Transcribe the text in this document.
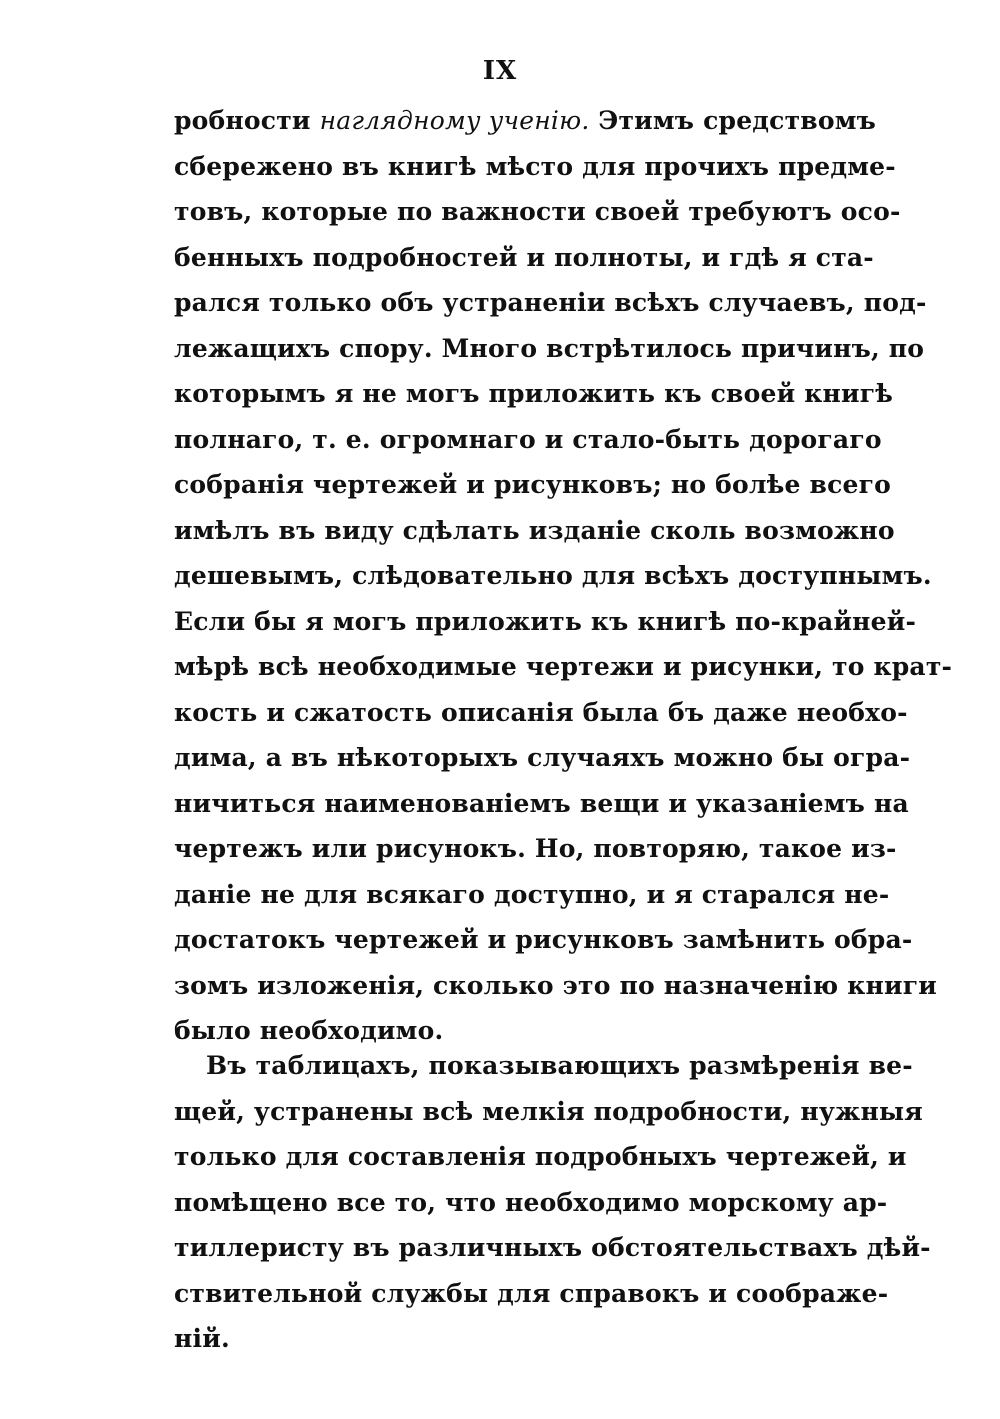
IX
робности наглядному ученію. Этимъ средствомъ
сбережено въ книгѣ мѣсто для прочихъ предме-
товъ, которые по важности своей требуютъ осо-
бенныхъ подробностей и полноты, и гдѣ я ста-
рался только объ устраненіи всѣхъ случаевъ, под-
лежащихъ спору. Много встрѣтилось причинъ, по
которымъ я не могъ приложить къ своей книгѣ
полнаго, т. е. огромнаго и стало-быть дорогаго
собранія чертежей и рисунковъ; но болѣе всего
имѣлъ въ виду сдѣлать изданіе сколь возможно
дешевымъ, слѣдовательно для всѣхъ доступнымъ.
Если бы я могъ приложить къ книгѣ по-крайней-
мѣрѣ всѣ необходимые чертежи и рисунки, то крат-
кость и сжатость описанія была бъ даже необхо-
дима, а въ нѣкоторыхъ случаяхъ можно бы огра-
ничиться наименованіемъ вещи и указаніемъ на
чертежъ или рисунокъ. Но, повторяю, такое из-
даніе не для всякаго доступно, и я старался не-
достатокъ чертежей и рисунковъ замѣнить обра-
зомъ изложенія, сколько это по назначенію книги
было необходимо.
Въ таблицахъ, показывающихъ размѣренія ве-
щей, устранены всѣ мелкія подробности, нужныя
только для составленія подробныхъ чертежей, и
помѣщено все то, что необходимо морскому ар-
тиллеристу въ различныхъ обстоятельствахъ дѣй-
ствительной службы для справокъ и соображе-
ній.
